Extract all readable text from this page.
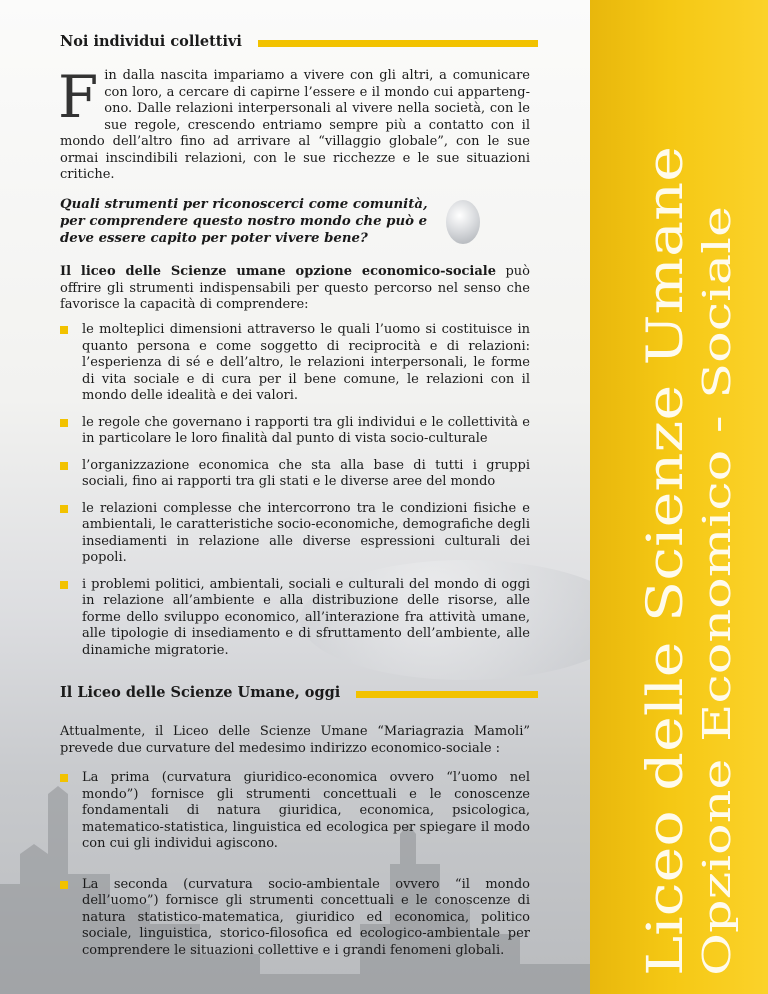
Liceo delle Scienze Umane Opzione Economico - Sociale
Noi individui collettivi

Fin dalla nascita impariamo a vivere con gli altri, a comunicare con loro, a cercare di capirne l’essere e il mondo cui appartengono. Dalle relazioni interpersonali al vivere nella società, con le sue regole, crescendo entriamo sempre più a contatto con il mondo dell’altro fino ad arrivare al “villaggio globale”, con le sue ormai inscindibili relazioni, con le sue ricchezze e le sue situazioni critiche.

Quali strumenti per riconoscerci come comunità, per comprendere questo nostro mondo che può e deve essere capito per poter vivere bene?

Il liceo delle Scienze umane opzione economico-sociale può offrire gli strumenti indispensabili per questo percorso nel senso che favorisce la capacità di comprendere:

le molteplici dimensioni attraverso le quali l’uomo si costituisce in quanto persona e come soggetto di reciprocità e di relazioni: l’esperienza di sé e dell’altro, le relazioni interpersonali, le forme di vita sociale e di cura per il bene comune, le relazioni con il mondo delle idealità e dei valori.
le regole che governano i rapporti tra gli individui e le collettività e in particolare le loro finalità dal punto di vista socio-culturale
l’organizzazione economica che sta alla base di tutti i gruppi sociali, fino ai rapporti tra gli stati e le diverse aree del mondo
le relazioni complesse che intercorrono tra le condizioni fisiche e ambientali, le caratteristiche socio-economiche, demografiche degli insediamenti in relazione alle diverse espressioni culturali dei popoli.
i problemi politici, ambientali, sociali e culturali del mondo di oggi in relazione all’ambiente e alla distribuzione delle risorse, alle forme dello sviluppo economico, all’interazione fra attività umane, alle tipologie di insediamento e di sfruttamento dell’ambiente, alle dinamiche migratorie.
Il Liceo delle Scienze Umane, oggi

Attualmente, il Liceo delle Scienze Umane “Mariagrazia Mamoli” prevede due curvature del medesimo indirizzo economico-sociale :

La prima (curvatura giuridico-economica ovvero “l’uomo nel mondo”) fornisce gli strumenti concettuali e le conoscenze fondamentali di natura giuridica, economica, psicologica, matematico-statistica, linguistica ed ecologica per spiegare il modo con cui gli individui agiscono.
La seconda (curvatura socio-ambientale ovvero “il mondo dell’uomo”) fornisce gli strumenti concettuali e le conoscenze di natura statistico-matematica, giuridico ed economica, politico sociale, linguistica, storico-filosofica ed ecologico-ambientale per comprendere le situazioni collettive e i grandi fenomeni globali.
